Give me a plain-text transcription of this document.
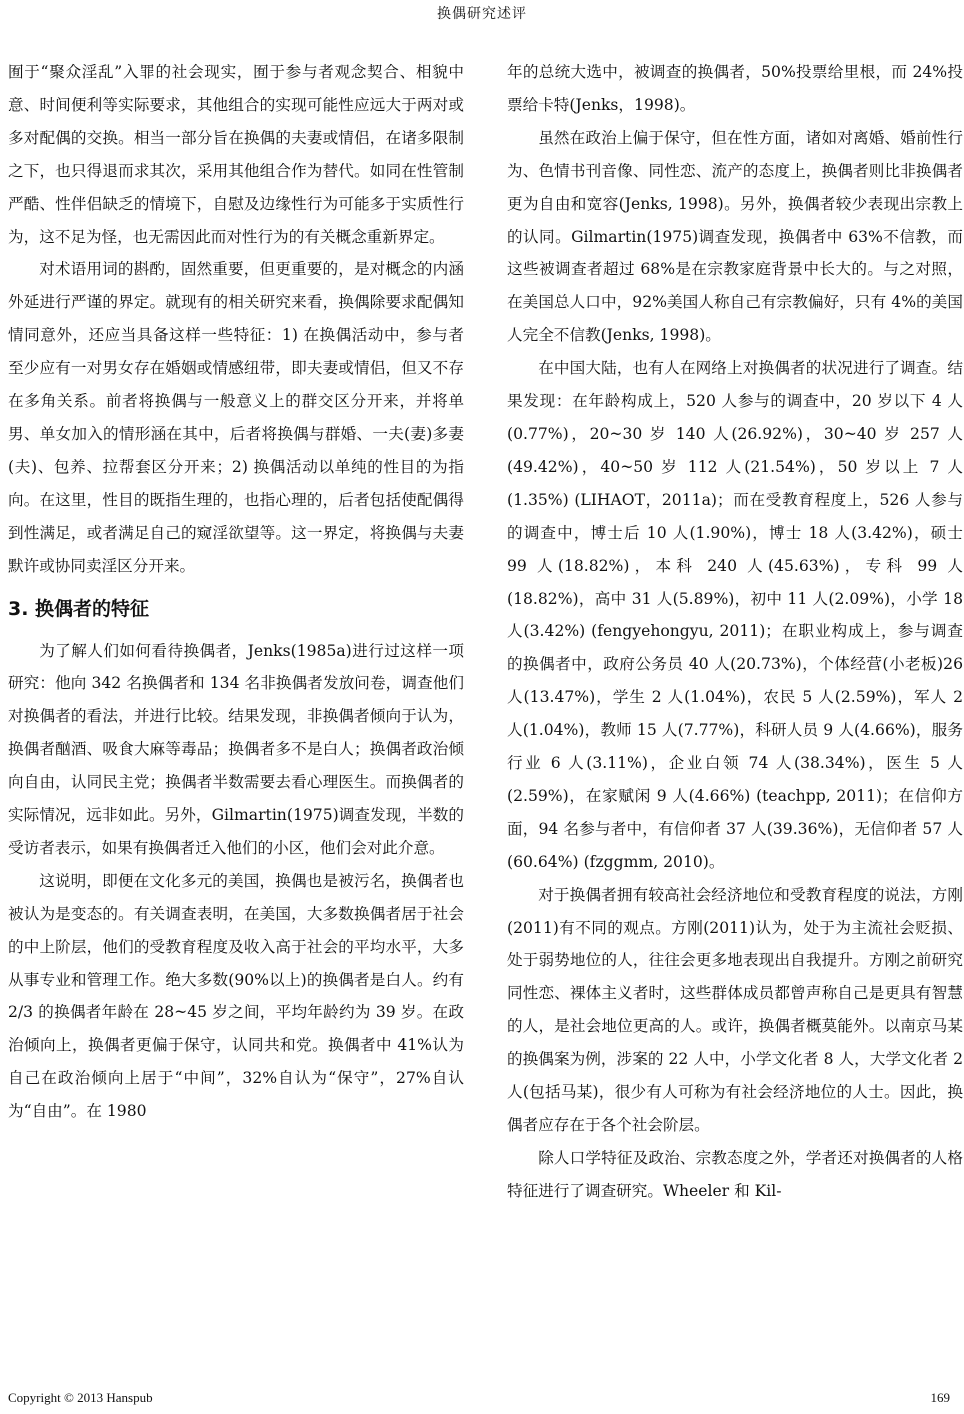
换偶研究述评

囿于“聚众淫乱”入罪的社会现实，囿于参与者观念契合、相貌中意、时间便利等实际要求，其他组合的实现可能性应远大于两对或多对配偶的交换。相当一部分旨在换偶的夫妻或情侣，在诸多限制之下，也只得退而求其次，采用其他组合作为替代。如同在性管制严酷、性伴侣缺乏的情境下，自慰及边缘性行为可能多于实质性行为，这不足为怪，也无需因此而对性行为的有关概念重新界定。

对术语用词的斟酌，固然重要，但更重要的，是对概念的内涵外延进行严谨的界定。就现有的相关研究来看，换偶除要求配偶知情同意外，还应当具备这样一些特征：1) 在换偶活动中，参与者至少应有一对男女存在婚姻或情感纽带，即夫妻或情侣，但又不存在多角关系。前者将换偶与一般意义上的群交区分开来，并将单男、单女加入的情形涵在其中，后者将换偶与群婚、一夫(妻)多妻(夫)、包养、拉帮套区分开来；2) 换偶活动以单纯的性目的为指向。在这里，性目的既指生理的，也指心理的，后者包括使配偶得到性满足，或者满足自己的窥淫欲望等。这一界定，将换偶与夫妻默许或协同卖淫区分开来。

3. 换偶者的特征

为了解人们如何看待换偶者，Jenks(1985a)进行过这样一项研究：他向 342 名换偶者和 134 名非换偶者发放问卷，调查他们对换偶者的看法，并进行比较。结果发现，非换偶者倾向于认为，换偶者酗酒、吸食大麻等毒品；换偶者多不是白人；换偶者政治倾向自由，认同民主党；换偶者半数需要去看心理医生。而换偶者的实际情况，远非如此。另外，Gilmartin(1975)调查发现，半数的受访者表示，如果有换偶者迁入他们的小区，他们会对此介意。

这说明，即便在文化多元的美国，换偶也是被污名，换偶者也被认为是变态的。有关调查表明，在美国，大多数换偶者居于社会的中上阶层，他们的受教育程度及收入高于社会的平均水平，大多从事专业和管理工作。绝大多数(90%以上)的换偶者是白人。约有 2/3 的换偶者年龄在 28~45 岁之间，平均年龄约为 39 岁。在政治倾向上，换偶者更偏于保守，认同共和党。换偶者中 41%认为自己在政治倾向上居于“中间”，32%自认为“保守”，27%自认为“自由”。在 1980

年的总统大选中，被调查的换偶者，50%投票给里根，而 24%投票给卡特(Jenks，1998)。

虽然在政治上偏于保守，但在性方面，诸如对离婚、婚前性行为、色情书刊音像、同性恋、流产的态度上，换偶者则比非换偶者更为自由和宽容(Jenks, 1998)。另外，换偶者较少表现出宗教上的认同。Gilmartin(1975)调查发现，换偶者中 63%不信教，而这些被调查者超过 68%是在宗教家庭背景中长大的。与之对照，在美国总人口中，92%美国人称自己有宗教偏好，只有 4%的美国人完全不信教(Jenks, 1998)。

在中国大陆，也有人在网络上对换偶者的状况进行了调查。结果发现：在年龄构成上，520 人参与的调查中，20 岁以下 4 人(0.77%)，20~30 岁 140 人(26.92%)，30~40 岁 257 人(49.42%)，40~50 岁 112 人(21.54%)，50 岁以上 7 人(1.35%) (LIHAOT，2011a)；而在受教育程度上，526 人参与的调查中，博士后 10 人(1.90%)，博士 18 人(3.42%)，硕士 99 人(18.82%)，本科 240 人(45.63%)，专科 99 人(18.82%)，高中 31 人(5.89%)，初中 11 人(2.09%)，小学 18 人(3.42%) (fengyehongyu, 2011)；在职业构成上，参与调查的换偶者中，政府公务员 40 人(20.73%)，个体经营(小老板)26 人(13.47%)，学生 2 人(1.04%)，农民 5 人(2.59%)，军人 2 人(1.04%)，教师 15 人(7.77%)，科研人员 9 人(4.66%)，服务行业 6 人(3.11%)，企业白领 74 人(38.34%)，医生 5 人(2.59%)，在家赋闲 9 人(4.66%) (teachpp, 2011)；在信仰方面，94 名参与者中，有信仰者 37 人(39.36%)，无信仰者 57 人(60.64%) (fzggmm, 2010)。

对于换偶者拥有较高社会经济地位和受教育程度的说法，方刚(2011)有不同的观点。方刚(2011)认为，处于为主流社会贬损、处于弱势地位的人，往往会更多地表现出自我提升。方刚之前研究同性恋、裸体主义者时，这些群体成员都曾声称自己是更具有智慧的人，是社会地位更高的人。或许，换偶者概莫能外。以南京马某的换偶案为例，涉案的 22 人中，小学文化者 8 人，大学文化者 2 人(包括马某)，很少有人可称为有社会经济地位的人士。因此，换偶者应存在于各个社会阶层。

除人口学特征及政治、宗教态度之外，学者还对换偶者的人格特征进行了调查研究。Wheeler 和 Kil-

Copyright © 2013 Hanspub	169
